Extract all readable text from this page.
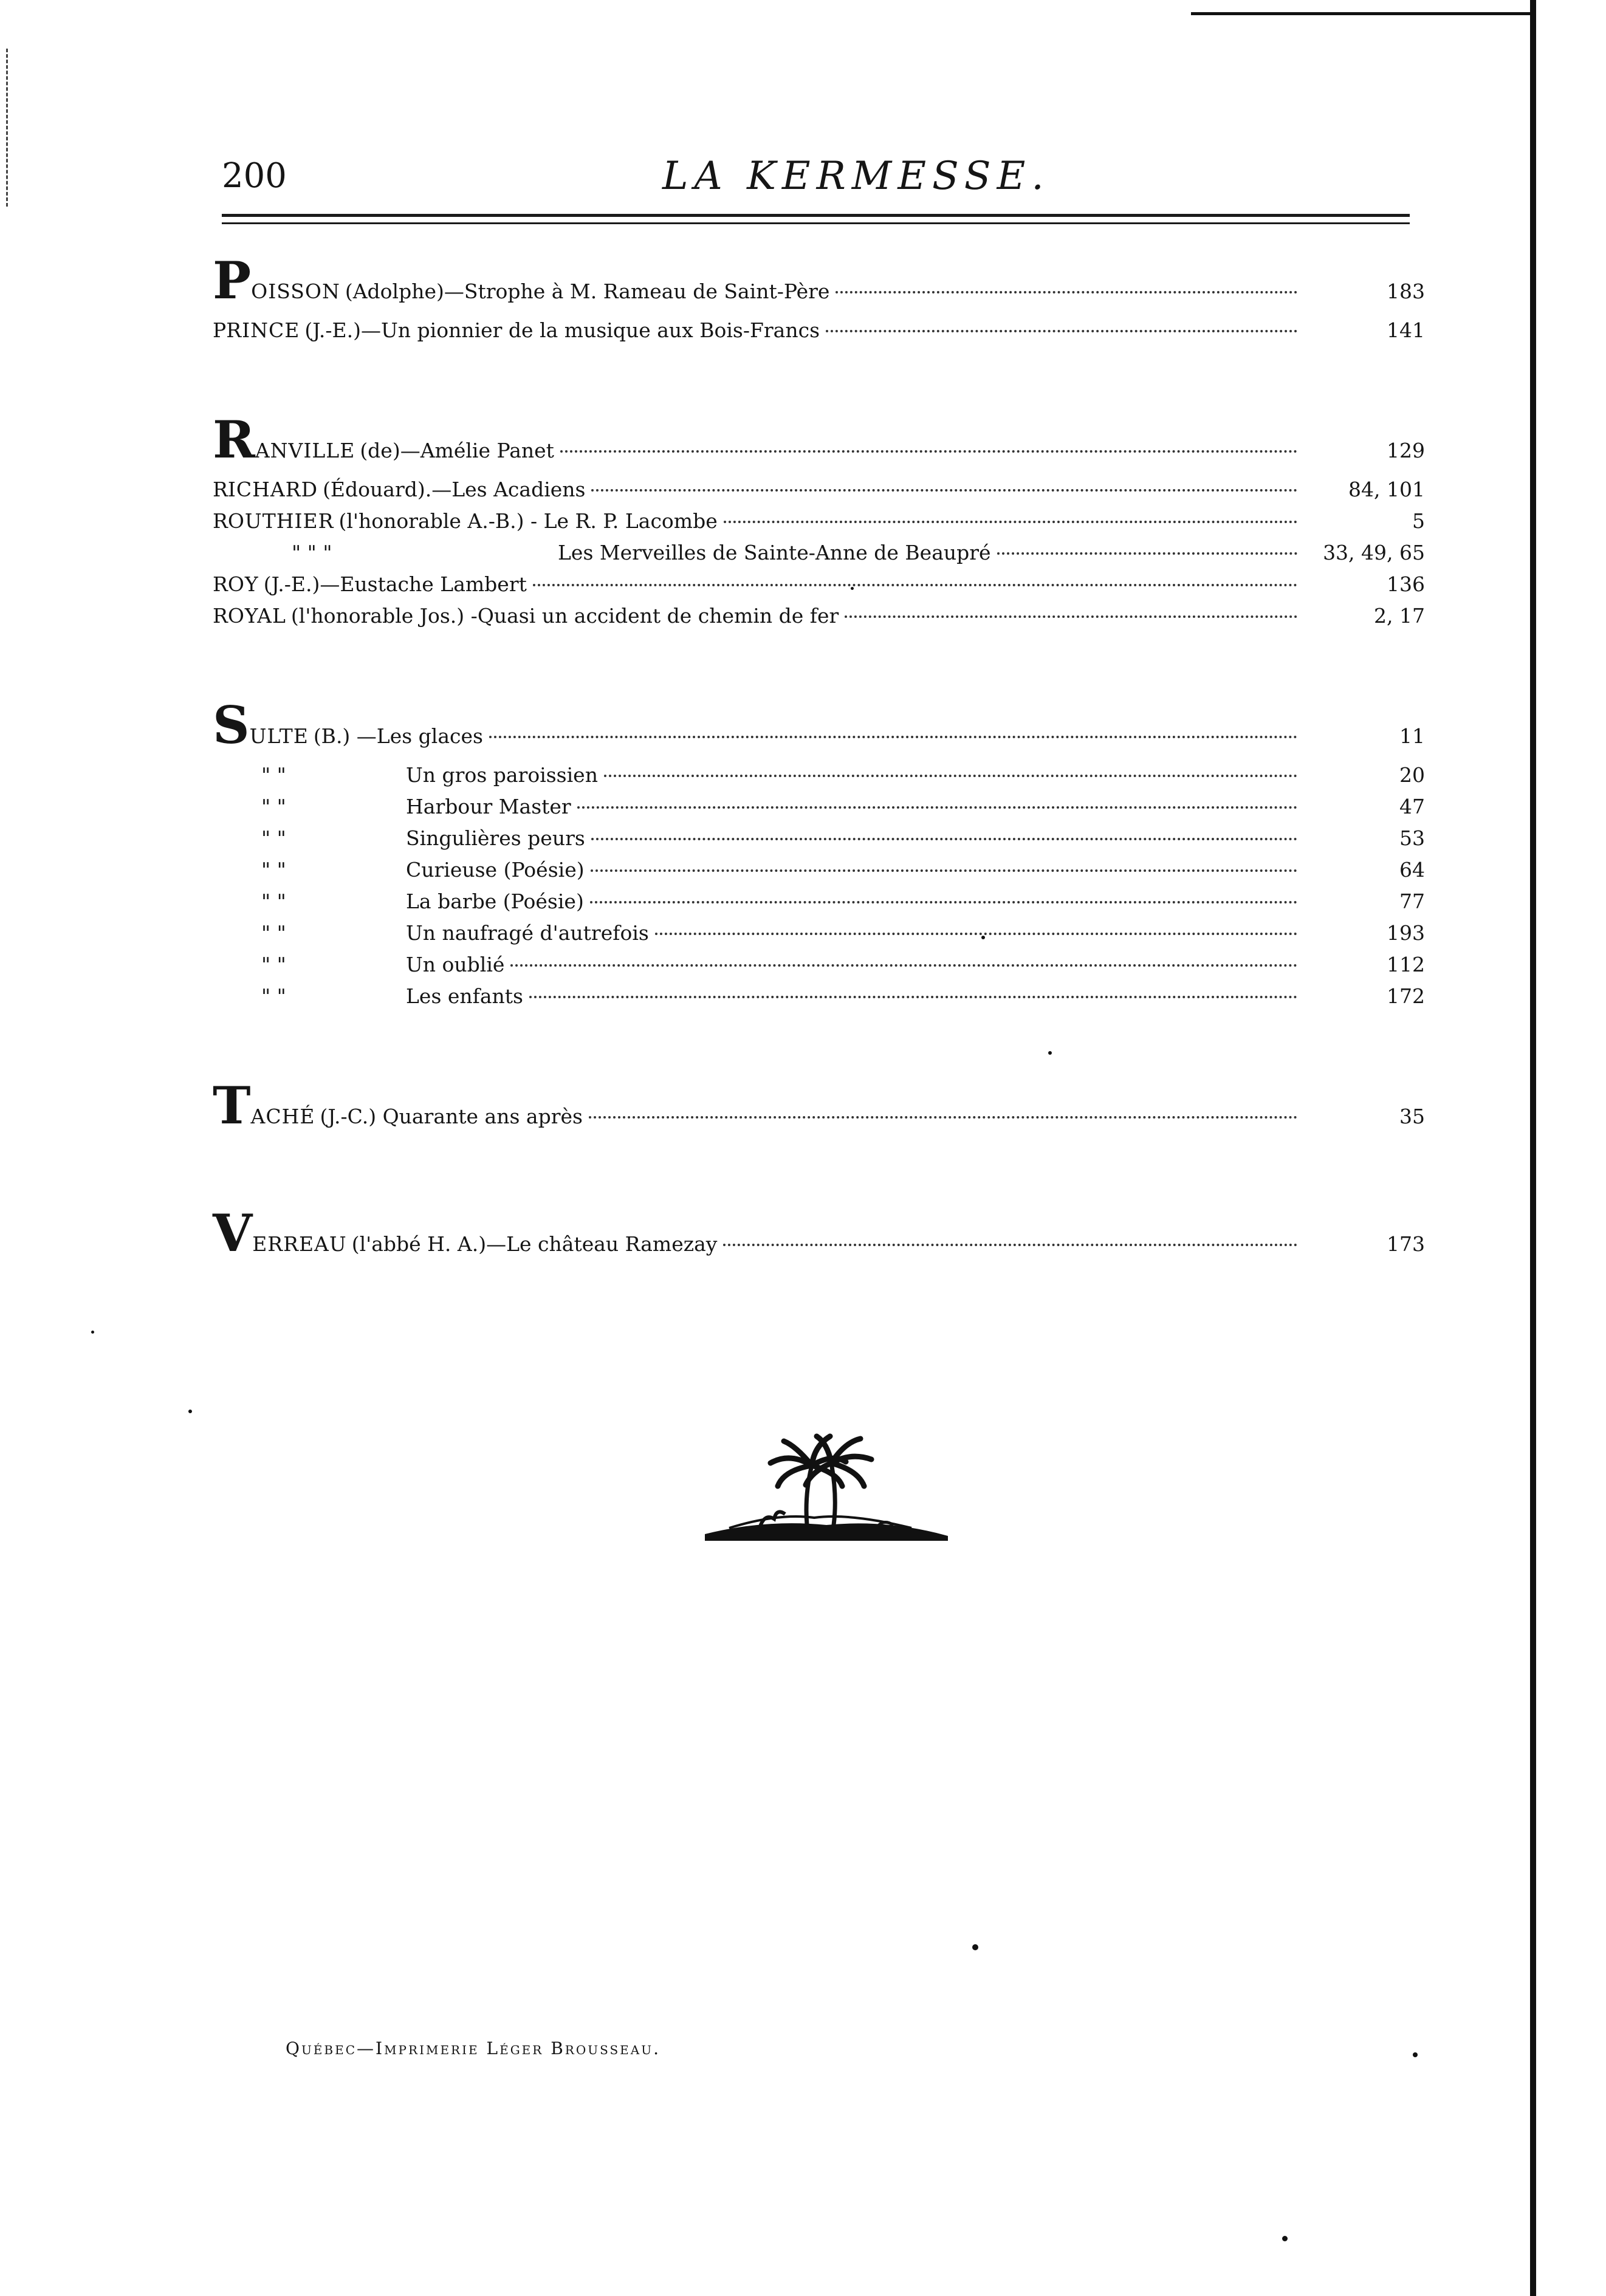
200	LA KERMESSE.
POISSON (Adolphe)—Strophe à M. Rameau de Saint-Père	183
PRINCE (J.-E.)—Un pionnier de la musique aux Bois-Francs	141
RANVILLE (de)—Amélie Panet	129
RICHARD (Édouard).—Les Acadiens	84, 101
ROUTHIER (l'honorable A.-B.) - Le R. P. Lacombe	5
" " "	Les Merveilles de Sainte-Anne de Beaupré	33, 49, 65
ROY (J.-E.)—Eustache Lambert	136
ROYAL (l'honorable Jos.) -Quasi un accident de chemin de fer	2, 17
SULTE (B.) —Les glaces	11
" "	Un gros paroissien	20
" "	Harbour Master	47
" "	Singulières peurs	53
" "	Curieuse (Poésie)	64
" "	La barbe (Poésie)	77
" "	Un naufragé d'autrefois	193
" "	Un oublié	112
" "	Les enfants	172
TACHÉ (J.-C.) Quarante ans après	35
VERREAU (l'abbé H. A.)—Le château Ramezay	173
Québec—Imprimerie Léger Brousseau.
